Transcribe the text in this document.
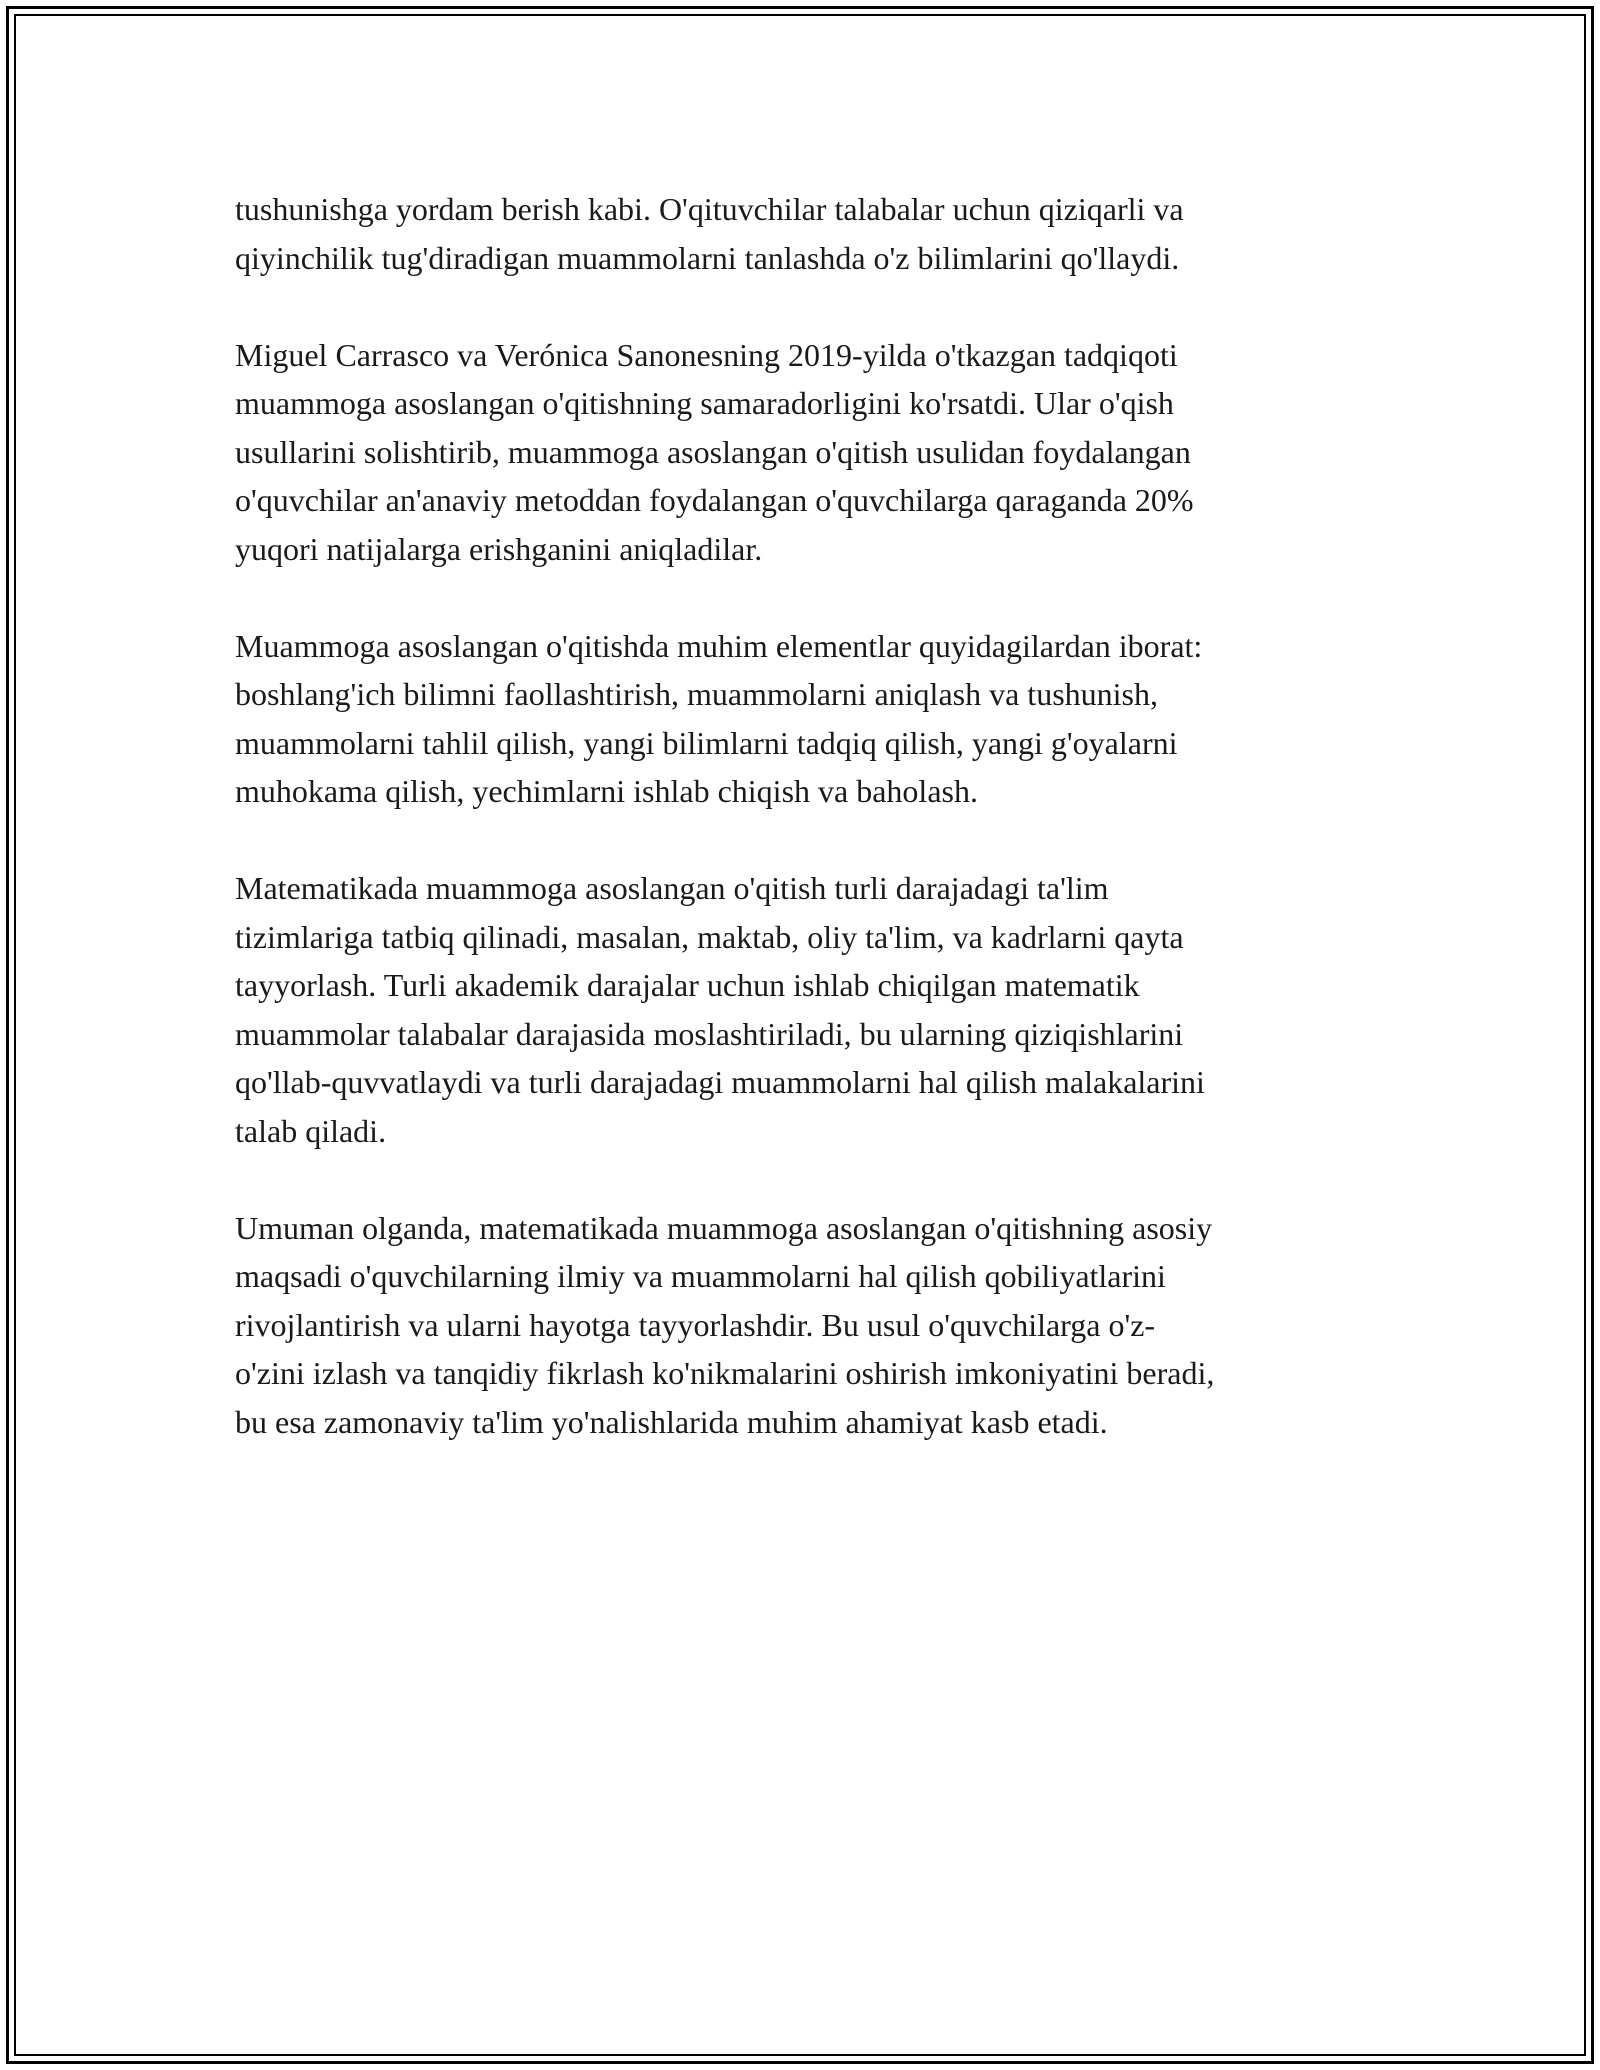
tushunishga yordam berish kabi. O'qituvchilar talabalar uchun qiziqarli va
qiyinchilik tug'diradigan muammolarni tanlashda o'z bilimlarini qo'llaydi.

Miguel Carrasco va Verónica Sanonesning 2019-yilda o'tkazgan tadqiqoti
muammoga asoslangan o'qitishning samaradorligini ko'rsatdi. Ular o'qish
usullarini solishtirib, muammoga asoslangan o'qitish usulidan foydalangan
o'quvchilar an'anaviy metoddan foydalangan o'quvchilarga qaraganda 20%
yuqori natijalarga erishganini aniqladilar.

Muammoga asoslangan o'qitishda muhim elementlar quyidagilardan iborat:
boshlang'ich bilimni faollashtirish, muammolarni aniqlash va tushunish,
muammolarni tahlil qilish, yangi bilimlarni tadqiq qilish, yangi g'oyalarni
muhokama qilish, yechimlarni ishlab chiqish va baholash.

Matematikada muammoga asoslangan o'qitish turli darajadagi ta'lim
tizimlariga tatbiq qilinadi, masalan, maktab, oliy ta'lim, va kadrlarni qayta
tayyorlash. Turli akademik darajalar uchun ishlab chiqilgan matematik
muammolar talabalar darajasida moslashtiriladi, bu ularning qiziqishlarini
qo'llab-quvvatlaydi va turli darajadagi muammolarni hal qilish malakalarini
talab qiladi.

Umuman olganda, matematikada muammoga asoslangan o'qitishning asosiy
maqsadi o'quvchilarning ilmiy va muammolarni hal qilish qobiliyatlarini
rivojlantirish va ularni hayotga tayyorlashdir. Bu usul o'quvchilarga o'z-
o'zini izlash va tanqidiy fikrlash ko'nikmalarini oshirish imkoniyatini beradi,
bu esa zamonaviy ta'lim yo'nalishlarida muhim ahamiyat kasb etadi.
